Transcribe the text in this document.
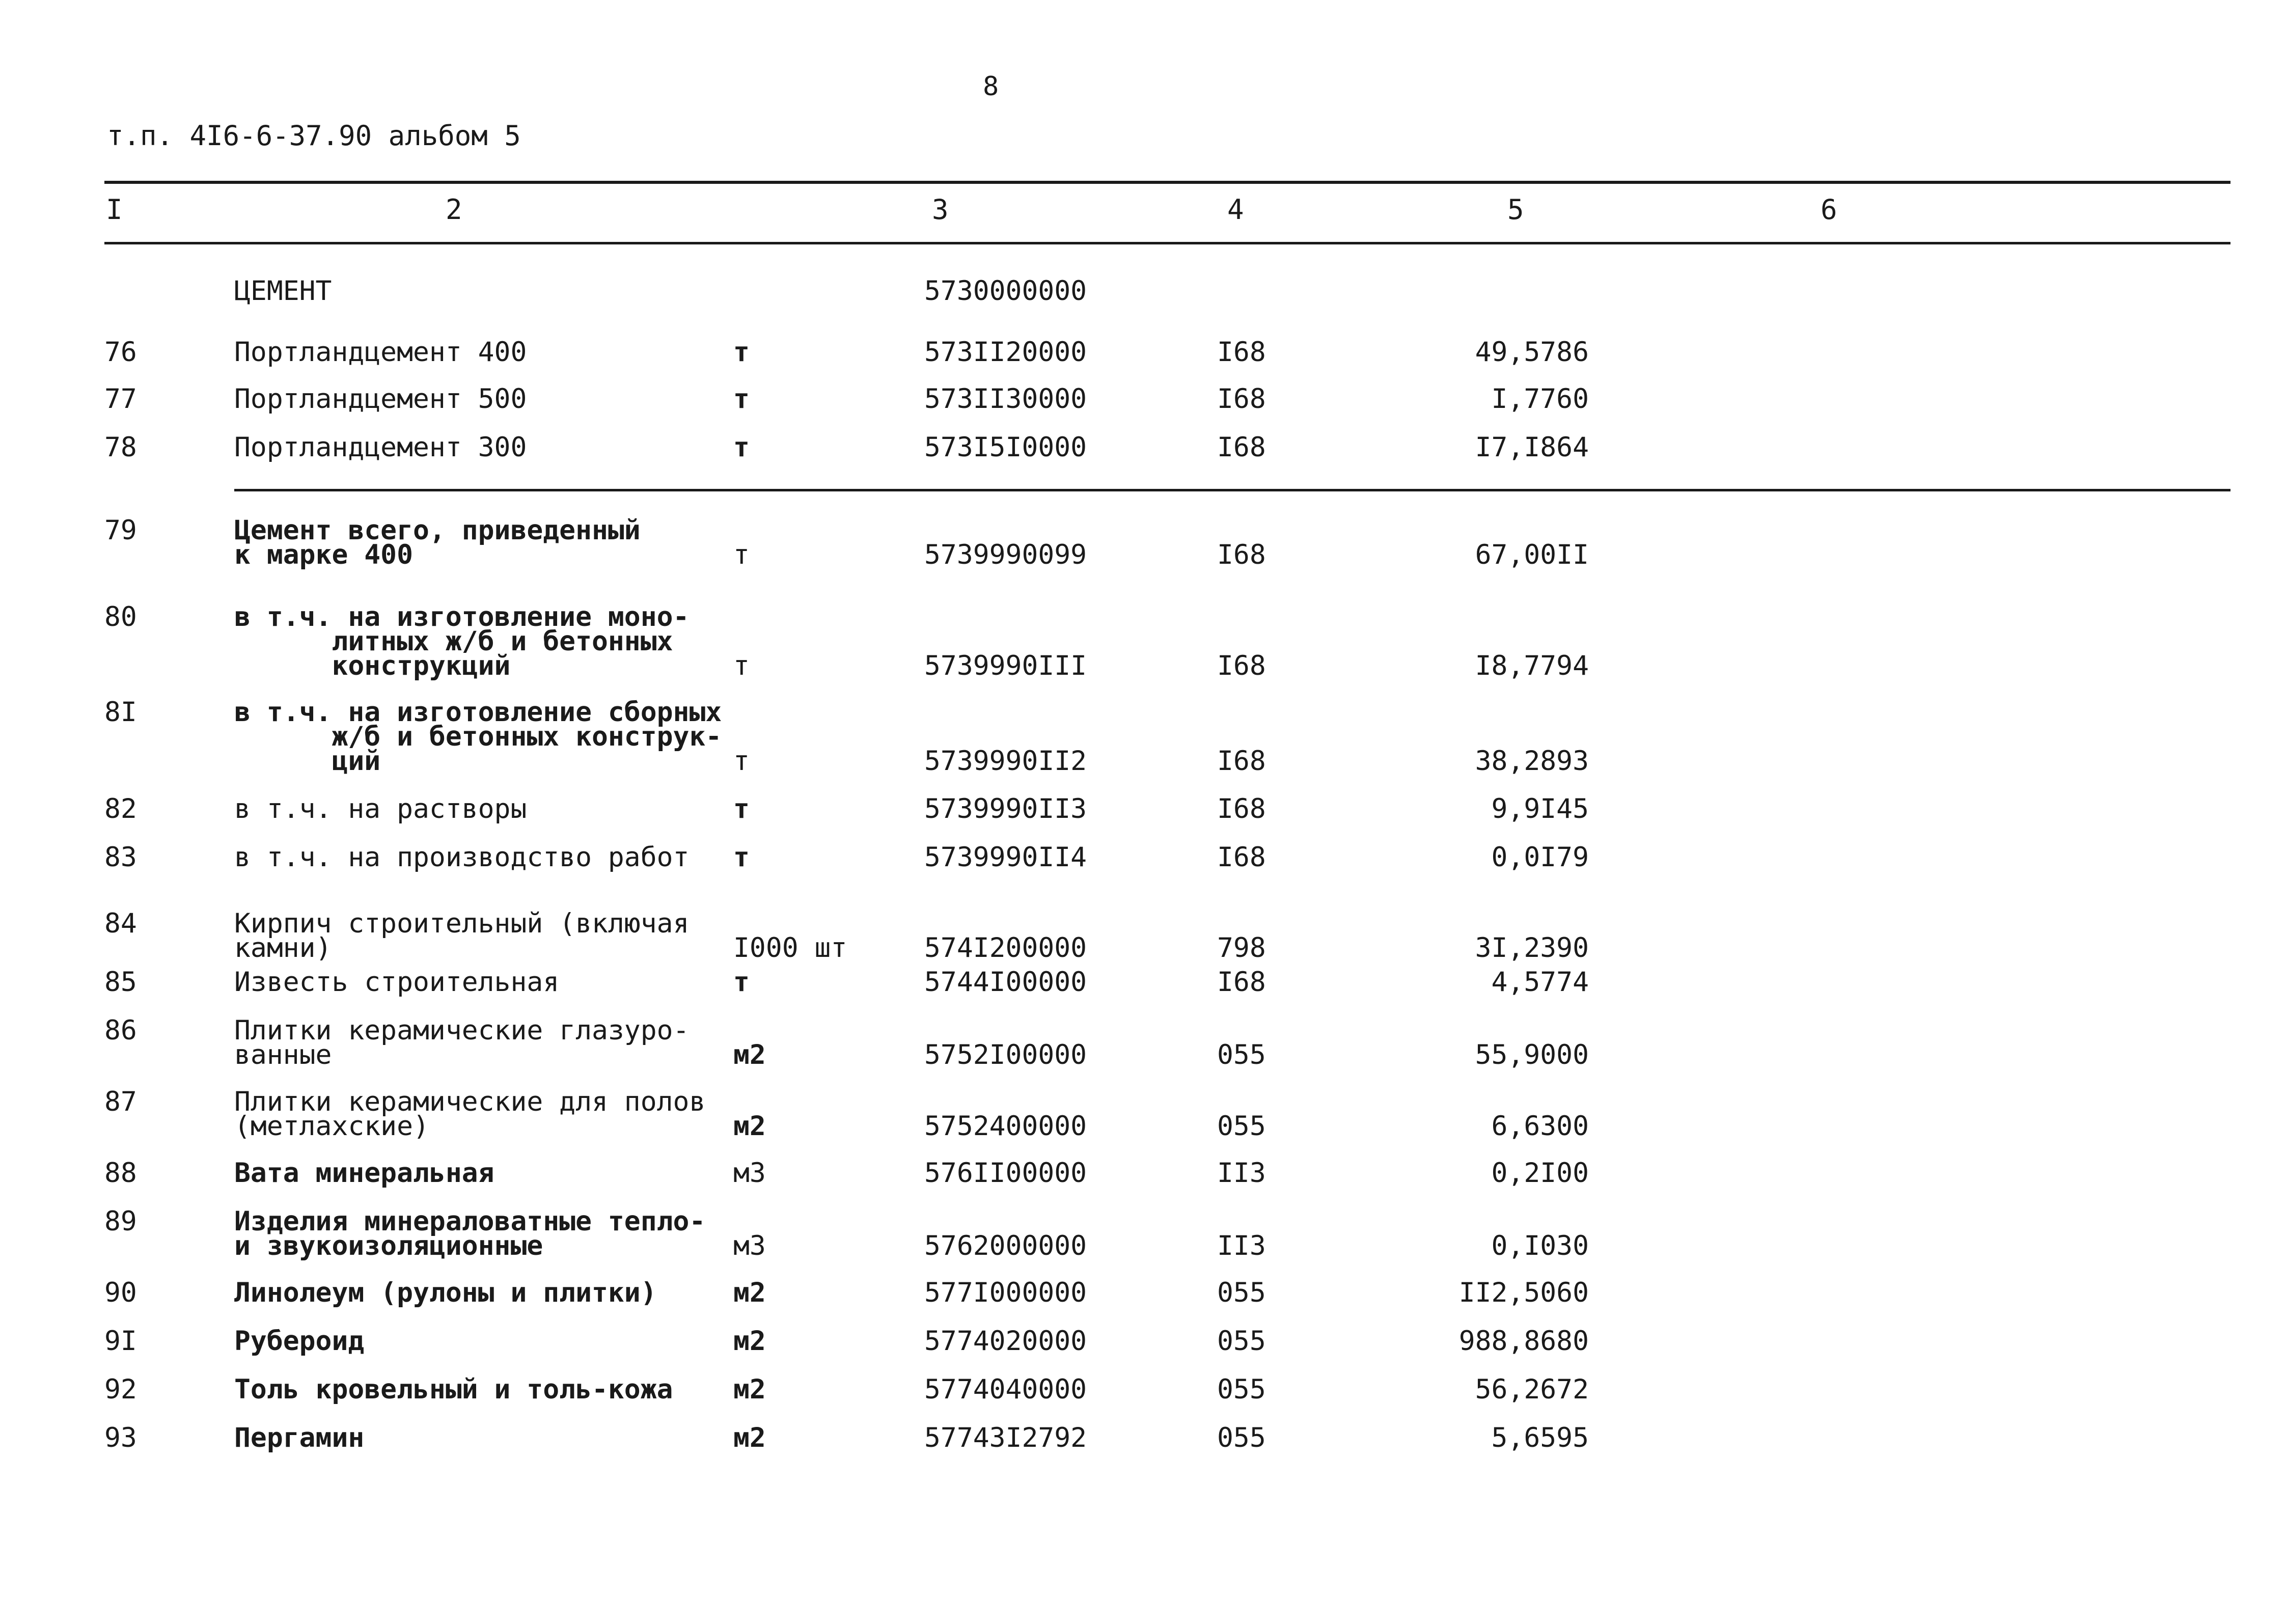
8
т.п. 4I6-6-37.90 альбом 5
I	2	3	4	5	6
ЦЕМЕНТ	5730000000
76	Портландцемент 400	т	573II20000	I68	49,5786
77	Портландцемент 500	т	573II30000	I68	I,7760
78	Портландцемент 300	т	573I5I0000	I68	I7,I864
79	Цемент всего, приведенный
к марке 400	т	5739990099	I68	67,00II
80	в т.ч. на изготовление моно-
литных ж/б и бетонных
конструкций	т	5739990III	I68	I8,7794
8I	в т.ч. на изготовление сборных
ж/б и бетонных конструк-
ций	т	5739990II2	I68	38,2893
82	в т.ч. на растворы	т	5739990II3	I68	9,9I45
83	в т.ч. на производство работ т	5739990II4	I68	0,0I79
84	Кирпич строительный (включая
камни)	I000 шт	574I200000	798	3I,2390
85	Известь строительная	т	5744I00000	I68	4,5774
86	Плитки керамические глазуро-
ванные	м2	5752I00000	055	55,9000
87	Плитки керамические для полов
(метлахские)	м2	5752400000	055	6,6300
88	Вата минеральная	м3	576II00000	II3	0,2I00
89	Изделия минераловатные тепло-
и звукоизоляционные	м3	5762000000	II3	0,I030
90	Линолеум (рулоны и плитки)	м2	577I000000	055	II2,5060
9I	Рубероид	м2	5774020000	055	988,8680
92	Толь кровельный и толь-кожа м2	5774040000	055	56,2672
93	Пергамин	м2	57743I2792	055	5,6595
